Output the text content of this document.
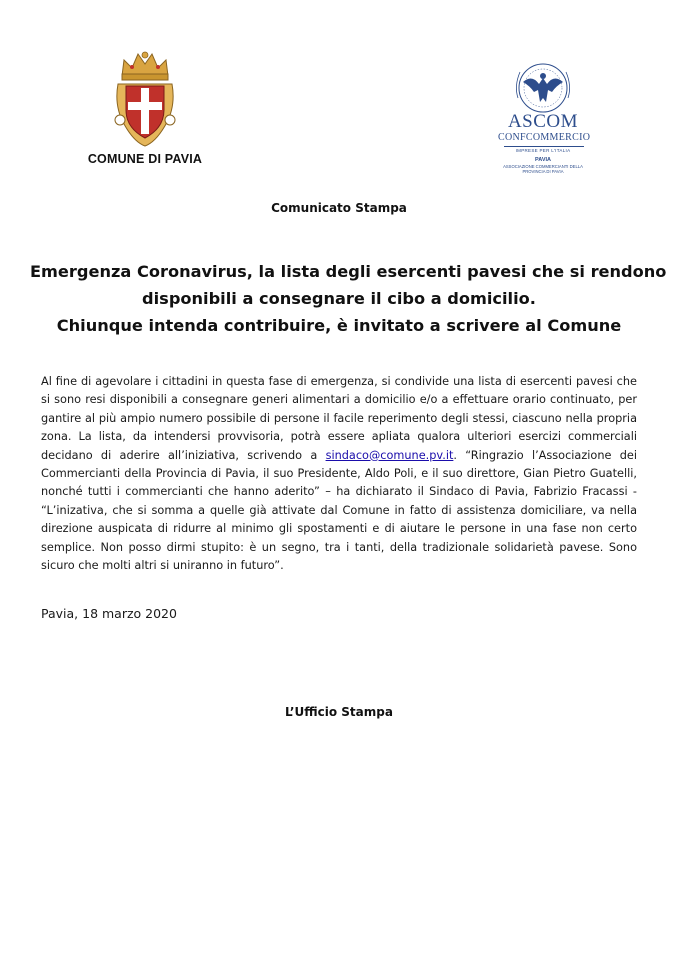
COMUNE DI PAVIA
ASCOM
CONFCOMMERCIO
IMPRESE PER L'ITALIA
PAVIA
ASSOCIAZIONE COMMERCIANTI DELLA PROVINCIA DI PAVIA
Comunicato Stampa
Emergenza Coronavirus, la lista degli esercenti pavesi che si rendono
disponibili a consegnare il cibo a domicilio.
Chiunque intenda contribuire, è invitato a scrivere al Comune
Al fine di agevolare i cittadini in questa fase di emergenza, si condivide una lista di esercenti pavesi che si sono resi disponibili a consegnare generi alimentari a domicilio e/o a effettuare orario continuato, per gantire al più ampio numero possibile di persone il facile reperimento degli stessi, ciascuno nella propria zona. La lista, da intendersi provvisoria, potrà essere apliata qualora ulteriori esercizi commerciali decidano di aderire all’iniziativa, scrivendo a sindaco@comune.pv.it. “Ringrazio l’Associazione dei Commercianti della Provincia di Pavia, il suo Presidente, Aldo Poli, e il suo direttore, Gian Pietro Guatelli, nonché tutti i commercianti che hanno aderito” – ha dichiarato il Sindaco di Pavia, Fabrizio Fracassi - “L’inizativa, che si somma a quelle già attivate dal Comune in fatto di assistenza domiciliare, va nella direzione auspicata di ridurre al minimo gli spostamenti e di aiutare le persone in una fase non certo semplice. Non posso dirmi stupito: è un segno, tra i tanti, della tradizionale solidarietà pavese. Sono sicuro che molti altri si uniranno in futuro”.
Pavia, 18 marzo 2020
L’Ufficio Stampa
